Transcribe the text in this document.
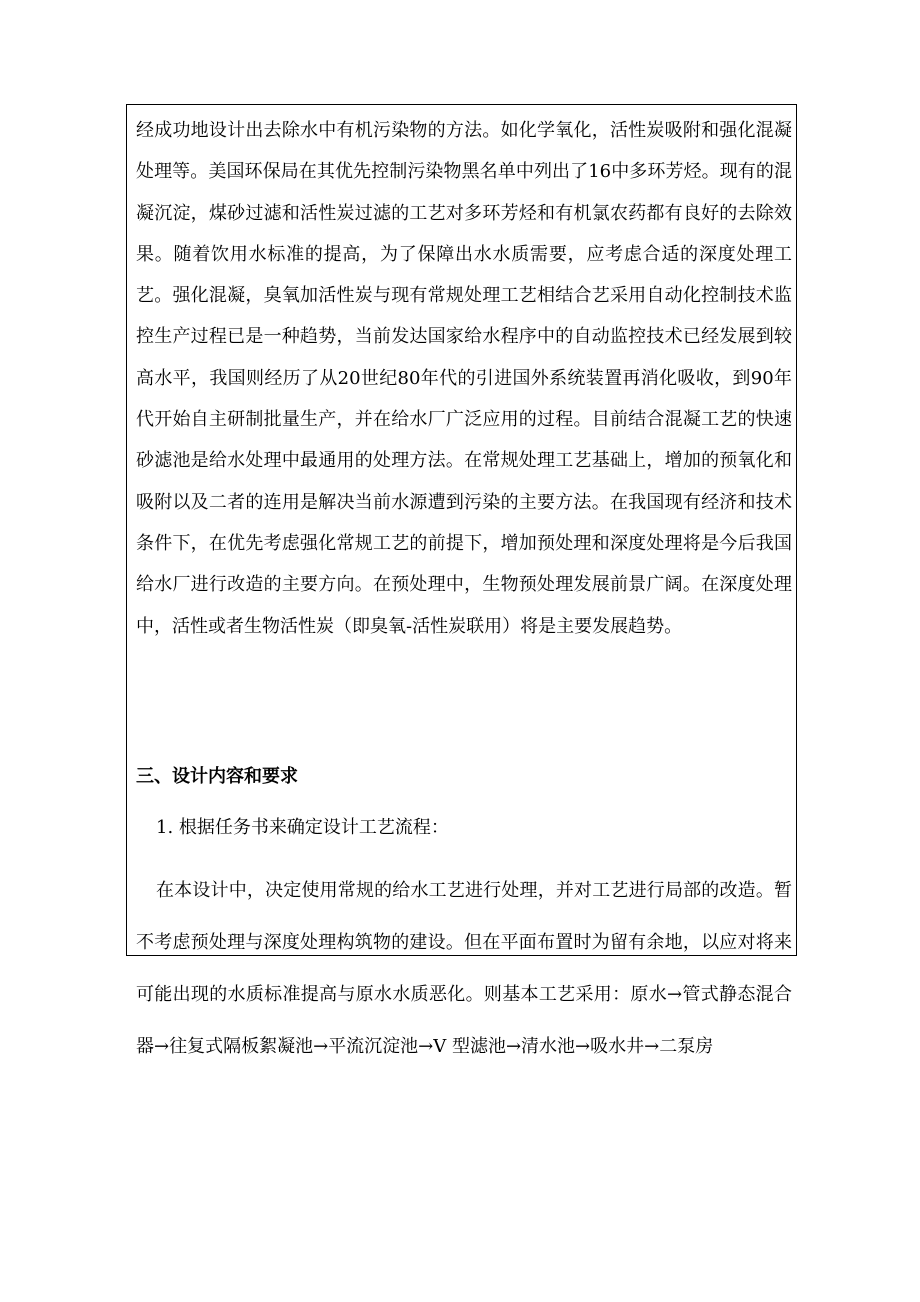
经成功地设计出去除水中有机污染物的方法。如化学氧化，活性炭吸附和强化混凝处理等。美国环保局在其优先控制污染物黑名单中列出了16中多环芳烃。现有的混凝沉淀，煤砂过滤和活性炭过滤的工艺对多环芳烃和有机氯农药都有良好的去除效果。随着饮用水标准的提高，为了保障出水水质需要，应考虑合适的深度处理工艺。强化混凝，臭氧加活性炭与现有常规处理工艺相结合艺采用自动化控制技术监控生产过程已是一种趋势，当前发达国家给水程序中的自动监控技术已经发展到较高水平，我国则经历了从20世纪80年代的引进国外系统装置再消化吸收，到90年代开始自主研制批量生产，并在给水厂广泛应用的过程。目前结合混凝工艺的快速砂滤池是给水处理中最通用的处理方法。在常规处理工艺基础上，增加的预氧化和吸附以及二者的连用是解决当前水源遭到污染的主要方法。在我国现有经济和技术条件下，在优先考虑强化常规工艺的前提下，增加预处理和深度处理将是今后我国给水厂进行改造的主要方向。在预处理中，生物预处理发展前景广阔。在深度处理中，活性或者生物活性炭（即臭氧-活性炭联用）将是主要发展趋势。

三、设计内容和要求
1. 根据任务书来确定设计工艺流程：

在本设计中，决定使用常规的给水工艺进行处理，并对工艺进行局部的改造。暂不考虑预处理与深度处理构筑物的建设。但在平面布置时为留有余地，以应对将来可能出现的水质标准提高与原水水质恶化。则基本工艺采用：原水→管式静态混合器→往复式隔板絮凝池→平流沉淀池→V 型滤池→清水池→吸水井→二泵房
